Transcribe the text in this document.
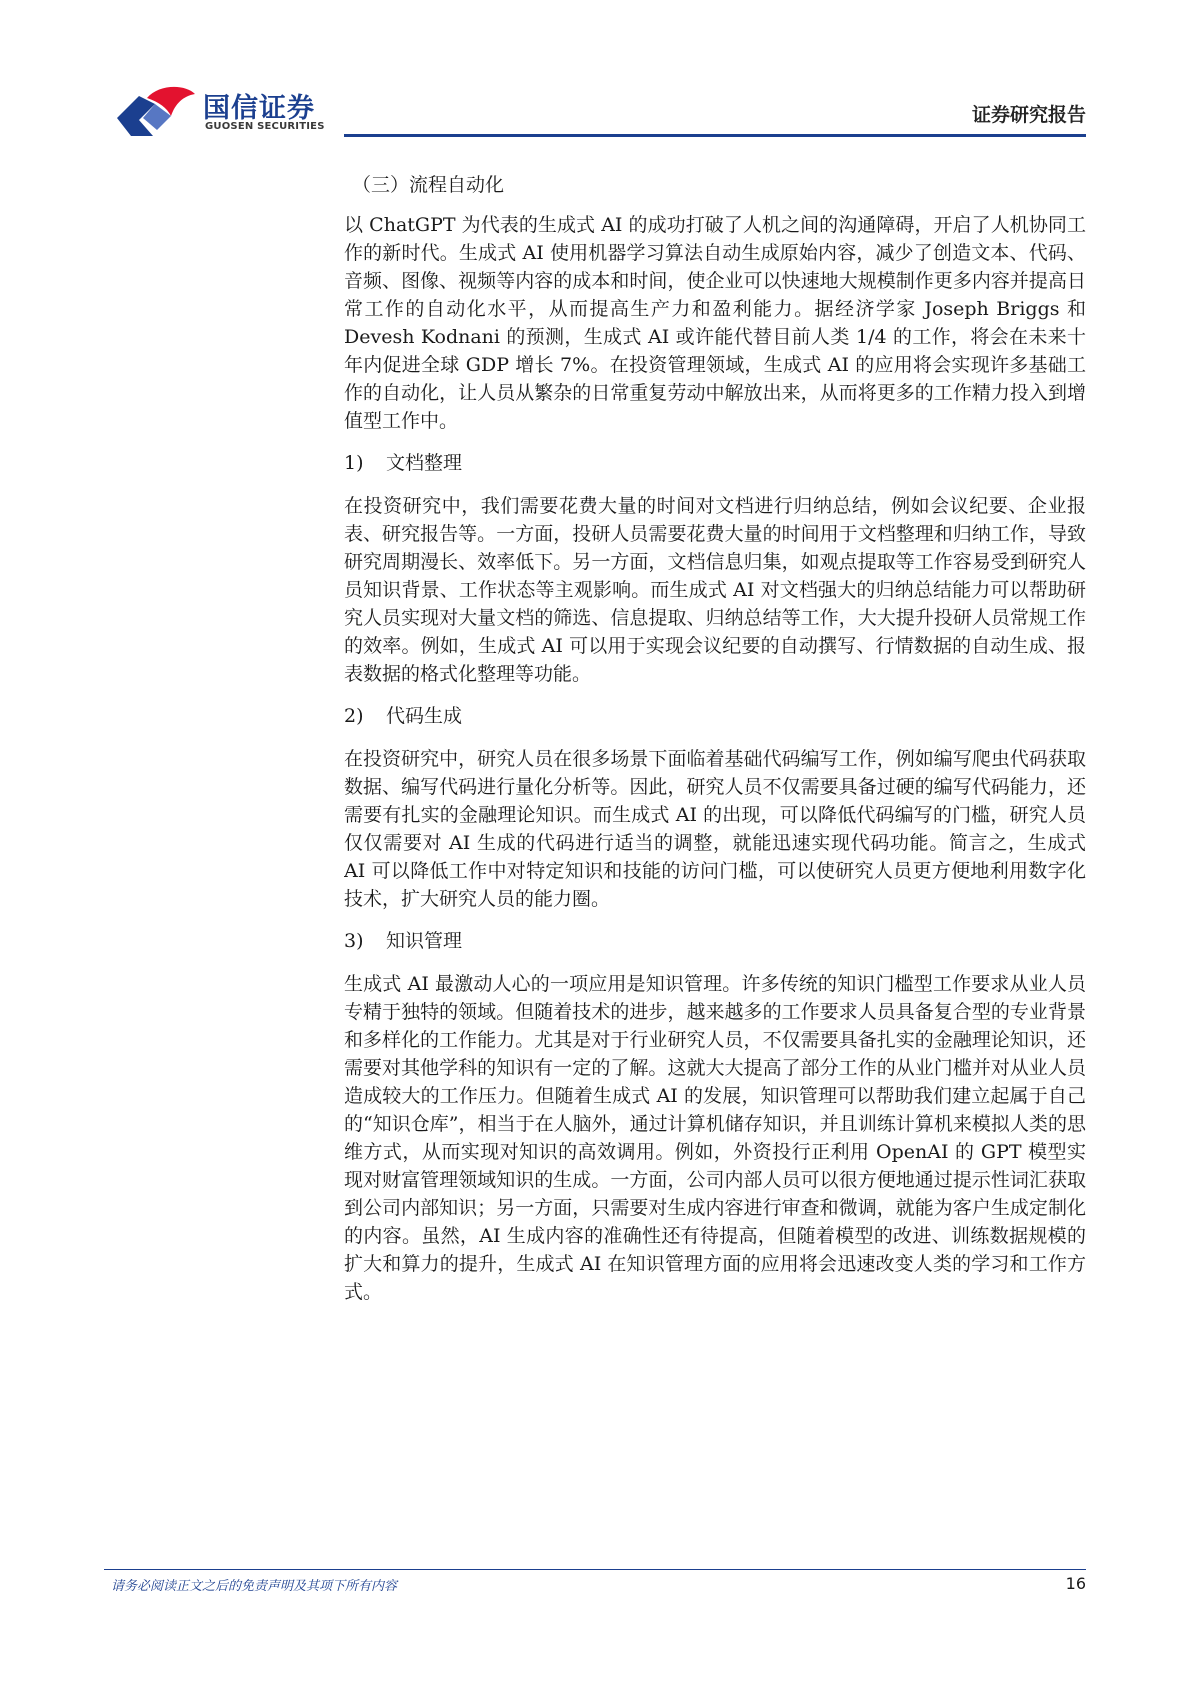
国信证券
GUOSEN SECURITIES
证券研究报告
（三）流程自动化

以 ChatGPT 为代表的生成式 AI 的成功打破了人机之间的沟通障碍，开启了人机协同工作的新时代。生成式 AI 使用机器学习算法自动生成原始内容，减少了创造文本、代码、音频、图像、视频等内容的成本和时间，使企业可以快速地大规模制作更多内容并提高日常工作的自动化水平，从而提高生产力和盈利能力。据经济学家 Joseph Briggs 和 Devesh Kodnani 的预测，生成式 AI 或许能代替目前人类 1/4 的工作，将会在未来十年内促进全球 GDP 增长 7%。在投资管理领域，生成式 AI 的应用将会实现许多基础工作的自动化，让人员从繁杂的日常重复劳动中解放出来，从而将更多的工作精力投入到增值型工作中。

1)	文档整理

在投资研究中，我们需要花费大量的时间对文档进行归纳总结，例如会议纪要、企业报表、研究报告等。一方面，投研人员需要花费大量的时间用于文档整理和归纳工作，导致研究周期漫长、效率低下。另一方面，文档信息归集，如观点提取等工作容易受到研究人员知识背景、工作状态等主观影响。而生成式 AI 对文档强大的归纳总结能力可以帮助研究人员实现对大量文档的筛选、信息提取、归纳总结等工作，大大提升投研人员常规工作的效率。例如，生成式 AI 可以用于实现会议纪要的自动撰写、行情数据的自动生成、报表数据的格式化整理等功能。

2)	代码生成

在投资研究中，研究人员在很多场景下面临着基础代码编写工作，例如编写爬虫代码获取数据、编写代码进行量化分析等。因此，研究人员不仅需要具备过硬的编写代码能力，还需要有扎实的金融理论知识。而生成式 AI 的出现，可以降低代码编写的门槛，研究人员仅仅需要对 AI 生成的代码进行适当的调整，就能迅速实现代码功能。简言之，生成式 AI 可以降低工作中对特定知识和技能的访问门槛，可以使研究人员更方便地利用数字化技术，扩大研究人员的能力圈。

3)	知识管理

生成式 AI 最激动人心的一项应用是知识管理。许多传统的知识门槛型工作要求从业人员专精于独特的领域。但随着技术的进步，越来越多的工作要求人员具备复合型的专业背景和多样化的工作能力。尤其是对于行业研究人员，不仅需要具备扎实的金融理论知识，还需要对其他学科的知识有一定的了解。这就大大提高了部分工作的从业门槛并对从业人员造成较大的工作压力。但随着生成式 AI 的发展，知识管理可以帮助我们建立起属于自己的“知识仓库”，相当于在人脑外，通过计算机储存知识，并且训练计算机来模拟人类的思维方式，从而实现对知识的高效调用。例如，外资投行正利用 OpenAI 的 GPT 模型实现对财富管理领域知识的生成。一方面，公司内部人员可以很方便地通过提示性词汇获取到公司内部知识；另一方面，只需要对生成内容进行审查和微调，就能为客户生成定制化的内容。虽然，AI 生成内容的准确性还有待提高，但随着模型的改进、训练数据规模的扩大和算力的提升，生成式 AI 在知识管理方面的应用将会迅速改变人类的学习和工作方式。

请务必阅读正文之后的免责声明及其项下所有内容	16
